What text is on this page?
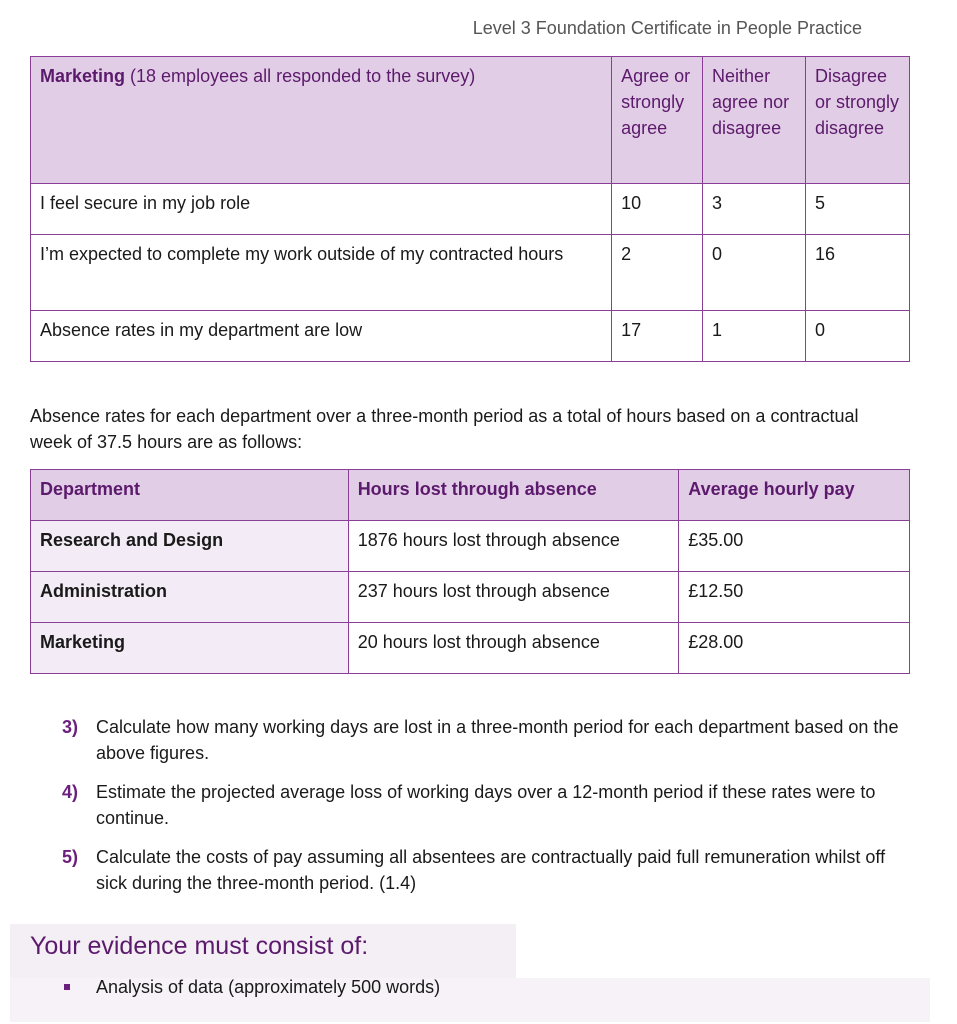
Level 3 Foundation Certificate in People Practice
Marketing (18 employees all responded to the survey)	Agree or strongly agree	Neither agree nor disagree	Disagree or strongly disagree
I feel secure in my job role	10	3	5
I’m expected to complete my work outside of my contracted hours	2	0	16
Absence rates in my department are low	17	1	0
Absence rates for each department over a three-month period as a total of hours based on a contractual week of 37.5 hours are as follows:
Department	Hours lost through absence	Average hourly pay
Research and Design	1876 hours lost through absence	£35.00
Administration	237 hours lost through absence	£12.50
Marketing	20 hours lost through absence	£28.00
3) Calculate how many working days are lost in a three-month period for each department based on the above figures.
4) Estimate the projected average loss of working days over a 12-month period if these rates were to continue.
5) Calculate the costs of pay assuming all absentees are contractually paid full remuneration whilst off sick during the three-month period. (1.4)
Your evidence must consist of:
Analysis of data (approximately 500 words)
